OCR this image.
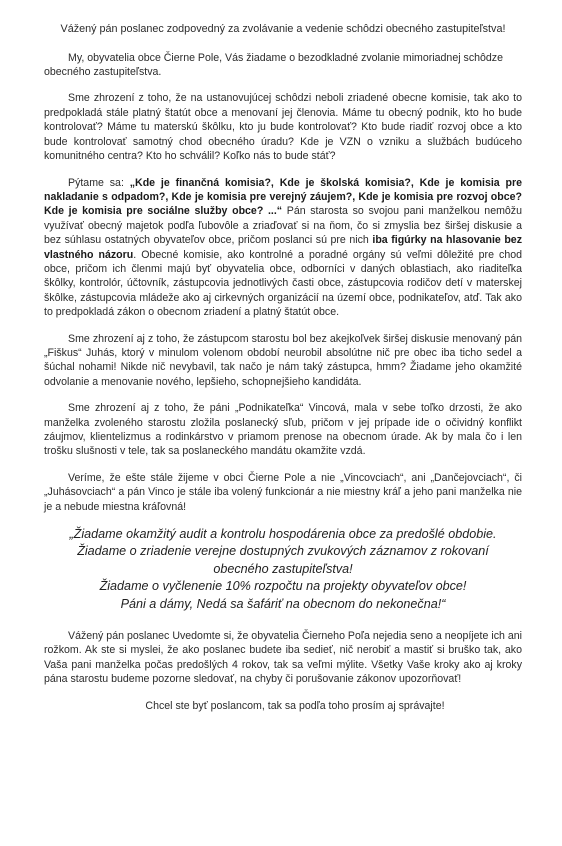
Vážený pán poslanec zodpovedný za zvolávanie a vedenie schôdzi obecného zastupiteľstva!

My, obyvatelia obce Čierne Pole, Vás žiadame o bezodkladné zvolanie mimoriadnej schôdze obecného zastupiteľstva.

Sme zhrození z toho, že na ustanovujúcej schôdzi neboli zriadené obecne komisie, tak ako to predpokladá stále platný štatút obce a menovaní jej členovia. Máme tu obecný podnik, kto ho bude kontrolovať? Máme tu materskú škôlku, kto ju bude kontrolovať? Kto bude riadiť rozvoj obce a kto bude kontrolovať samotný chod obecného úradu? Kde je VZN o vzniku a službách budúceho komunitného centra? Kto ho schválil? Koľko nás to bude stáť?

Pýtame sa: „Kde je finančná komisia?, Kde je školská komisia?, Kde je komisia pre nakladanie s odpadom?, Kde je komisia pre verejný záujem?, Kde je komisia pre rozvoj obce? Kde je komisia pre sociálne služby obce? ...“ Pán starosta so svojou pani manželkou nemôžu využívať obecný majetok podľa ľubovôle a zriaďovať si na ňom, čo si zmyslia bez širšej diskusie a bez súhlasu ostatných obyvateľov obce, pričom poslanci sú pre nich iba figúrky na hlasovanie bez vlastného názoru. Obecné komisie, ako kontrolné a poradné orgány sú veľmi dôležité pre chod obce, pričom ich členmi majú byť obyvatelia obce, odborníci v daných oblastiach, ako riaditeľka škôlky, kontrolór, účtovník, zástupcovia jednotlivých časti obce, zástupcovia rodičov detí v materskej škôlke, zástupcovia mládeže ako aj cirkevných organizácií na území obce, podnikateľov, atď. Tak ako to predpokladá zákon o obecnom zriadení a platný štatút obce.

Sme zhrození aj z toho, že zástupcom starostu bol bez akejkoľvek širšej diskusie menovaný pán „Fiškus“ Juhás, ktorý v minulom volenom období neurobil absolútne nič pre obec iba ticho sedel a šúchal nohami! Nikde nič nevybavil, tak načo je nám taký zástupca, hmm? Žiadame jeho okamžité odvolanie a menovanie nového, lepšieho, schopnejšieho kandidáta.

Sme zhrození aj z toho, že páni „Podnikateľka“ Vincová, mala v sebe toľko drzosti, že ako manželka zvoleného starostu zložila poslanecký sľub, pričom v jej prípade ide o očividný konflikt záujmov, klientelizmus a rodinkárstvo v priamom prenose na obecnom úrade. Ak by mala čo i len trošku slušnosti v tele, tak sa poslaneckého mandátu okamžite vzdá.

Veríme, že ešte stále žijeme v obci Čierne Pole a nie „Vincovciach“, ani „Dančejovciach“, či „Juhásovciach“ a pán Vinco je stále iba volený funkcionár a nie miestny kráľ a jeho pani manželka nie je a nebude miestna kráľovná!

„Žiadame okamžitý audit a kontrolu hospodárenia obce za predošlé obdobie.
Žiadame o zriadenie verejne dostupných zvukových záznamov z rokovaní obecného zastupiteľstva!
Žiadame o vyčlenenie 10% rozpočtu na projekty obyvateľov obce!
Páni a dámy, Nedá sa šafáriť na obecnom do nekonečna!“

Vážený pán poslanec Uvedomte si, že obyvatelia Čierneho Poľa nejedia seno a neopíjete ich ani rožkom. Ak ste si myslei, že ako poslanec budete iba sedieť, nič nerobiť a mastiť si bruško tak, ako Vaša pani manželka počas predošlých 4 rokov, tak sa veľmi mýlite. Všetky Vaše kroky ako aj kroky pána starostu budeme pozorne sledovať, na chyby či porušovanie zákonov upozorňovať!

Chcel ste byť poslancom, tak sa podľa toho prosím aj správajte!
